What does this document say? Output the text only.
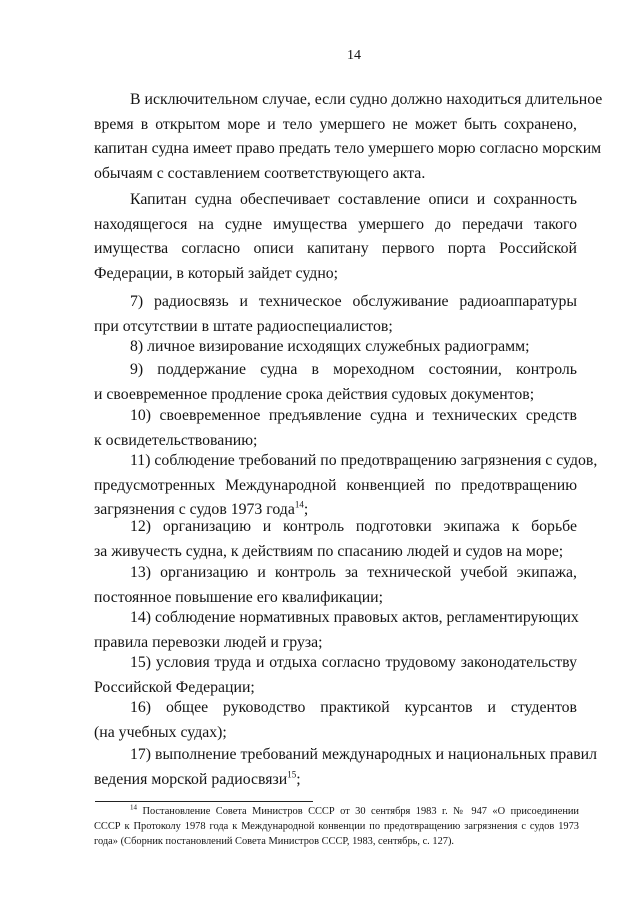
14
В исключительном случае, если судно должно находиться длительное
время в открытом море и тело умершего не может быть сохранено,
капитан судна имеет право предать тело умершего морю согласно морским
обычаям с составлением соответствующего акта.
Капитан судна обеспечивает составление описи и сохранность
находящегося на судне имущества умершего до передачи такого
имущества согласно описи капитану первого порта Российской
Федерации, в который зайдет судно;
7) радиосвязь и техническое обслуживание радиоаппаратуры
при отсутствии в штате радиоспециалистов;
8) личное визирование исходящих служебных радиограмм;
9) поддержание судна в мореходном состоянии, контроль
и своевременное продление срока действия судовых документов;
10) своевременное предъявление судна и технических средств
к освидетельствованию;
11) соблюдение требований по предотвращению загрязнения с судов,
предусмотренных Международной конвенцией по предотвращению
загрязнения с судов 1973 года$^{14}$;
12) организацию и контроль подготовки экипажа к борьбе
за живучесть судна, к действиям по спасанию людей и судов на море;
13) организацию и контроль за технической учебой экипажа,
постоянное повышение его квалификации;
14) соблюдение нормативных правовых актов, регламентирующих
правила перевозки людей и груза;
15) условия труда и отдыха согласно трудовому законодательству
Российской Федерации;
16) общее руководство практикой курсантов и студентов
(на учебных судах);
17) выполнение требований международных и национальных правил
ведения морской радиосвязи$^{15}$;
$^{14}$ Постановление Совета Министров СССР от 30 сентября 1983 г. № 947 «О присоединении
СССР к Протоколу 1978 года к Международной конвенции по предотвращению загрязнения с судов 1973
года» (Сборник постановлений Совета Министров СССР, 1983, сентябрь, с. 127).
